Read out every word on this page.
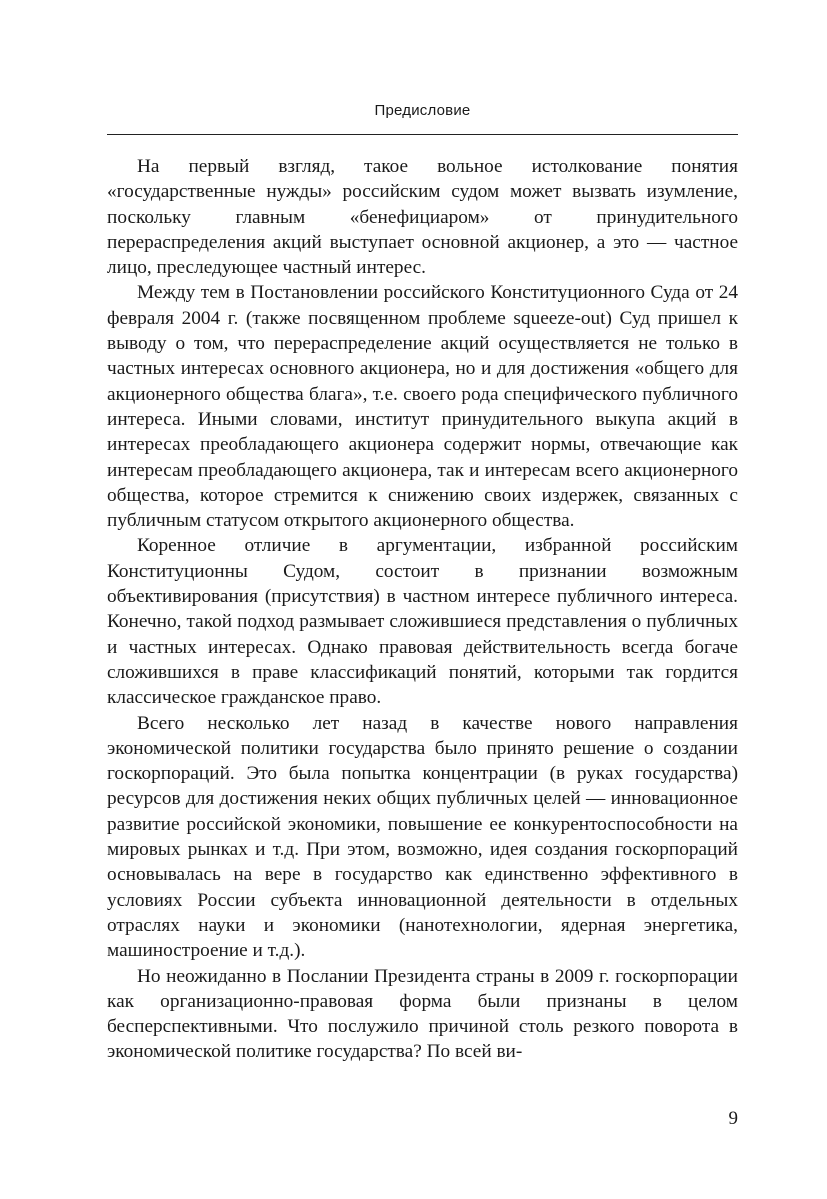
Предисловие

На первый взгляд, такое вольное истолкование понятия «государственные нужды» российским судом может вызвать изумление, поскольку главным «бенефициаром» от принудительного перераспределения акций выступает основной акционер, а это — частное лицо, преследующее частный интерес.

Между тем в Постановлении российского Конституционного Суда от 24 февраля 2004 г. (также посвященном проблеме squeeze-out) Суд пришел к выводу о том, что перераспределение акций осуществляется не только в частных интересах основного акционера, но и для достижения «общего для акционерного общества блага», т.е. своего рода специфического публичного интереса. Иными словами, институт принудительного выкупа акций в интересах преобладающего акционера содержит нормы, отвечающие как интересам преобладающего акционера, так и интересам всего акционерного общества, которое стремится к снижению своих издержек, связанных с публичным статусом открытого акционерного общества.

Коренное отличие в аргументации, избранной российским Конституционны Судом, состоит в признании возможным объективирования (присутствия) в частном интересе публичного интереса. Конечно, такой подход размывает сложившиеся представления о публичных и частных интересах. Однако правовая действительность всегда богаче сложившихся в праве классификаций понятий, которыми так гордится классическое гражданское право.

Всего несколько лет назад в качестве нового направления экономической политики государства было принято решение о создании госкорпораций. Это была попытка концентрации (в руках государства) ресурсов для достижения неких общих публичных целей — инновационное развитие российской экономики, повышение ее конкурентоспособности на мировых рынках и т.д. При этом, возможно, идея создания госкорпораций основывалась на вере в государство как единственно эффективного в условиях России субъекта инновационной деятельности в отдельных отраслях науки и экономики (нанотехнологии, ядерная энергетика, машиностроение и т.д.).

Но неожиданно в Послании Президента страны в 2009 г. госкорпорации как организационно-правовая форма были признаны в целом бесперспективными. Что послужило причиной столь резкого поворота в экономической политике государства? По всей ви-

9
